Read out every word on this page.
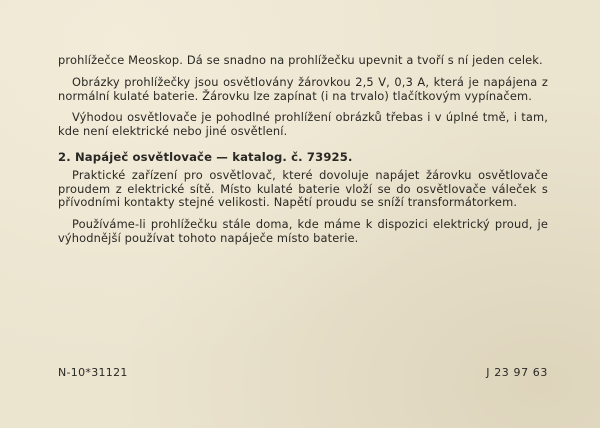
prohlížečce Meoskop. Dá se snadno na prohlížečku upevnit a tvoří s ní jeden celek.

Obrázky prohlížečky jsou osvětlovány žárovkou 2,5 V, 0,3 A, která je napájena z normální kulaté baterie. Žárovku lze zapínat (i na trvalo) tlačítkovým vypínačem.

Výhodou osvětlovače je pohodlné prohlížení obrázků třebas i v úplné tmě, i tam, kde není elektrické nebo jiné osvětlení.

2. Napáječ osvětlovače — katalog. č. 73925.

Praktické zařízení pro osvětlovač, které dovoluje napájet žárovku osvětlovače proudem z elektrické sítě. Místo kulaté baterie vloží se do osvětlovače váleček s přívodními kontakty stejné velikosti. Napětí proudu se sníží transformátorkem.

Používáme-li prohlížečku stále doma, kde máme k dispozici elektrický proud, je výhodnější používat tohoto napáječe místo baterie.

N-10*31121	J 23 97 63
